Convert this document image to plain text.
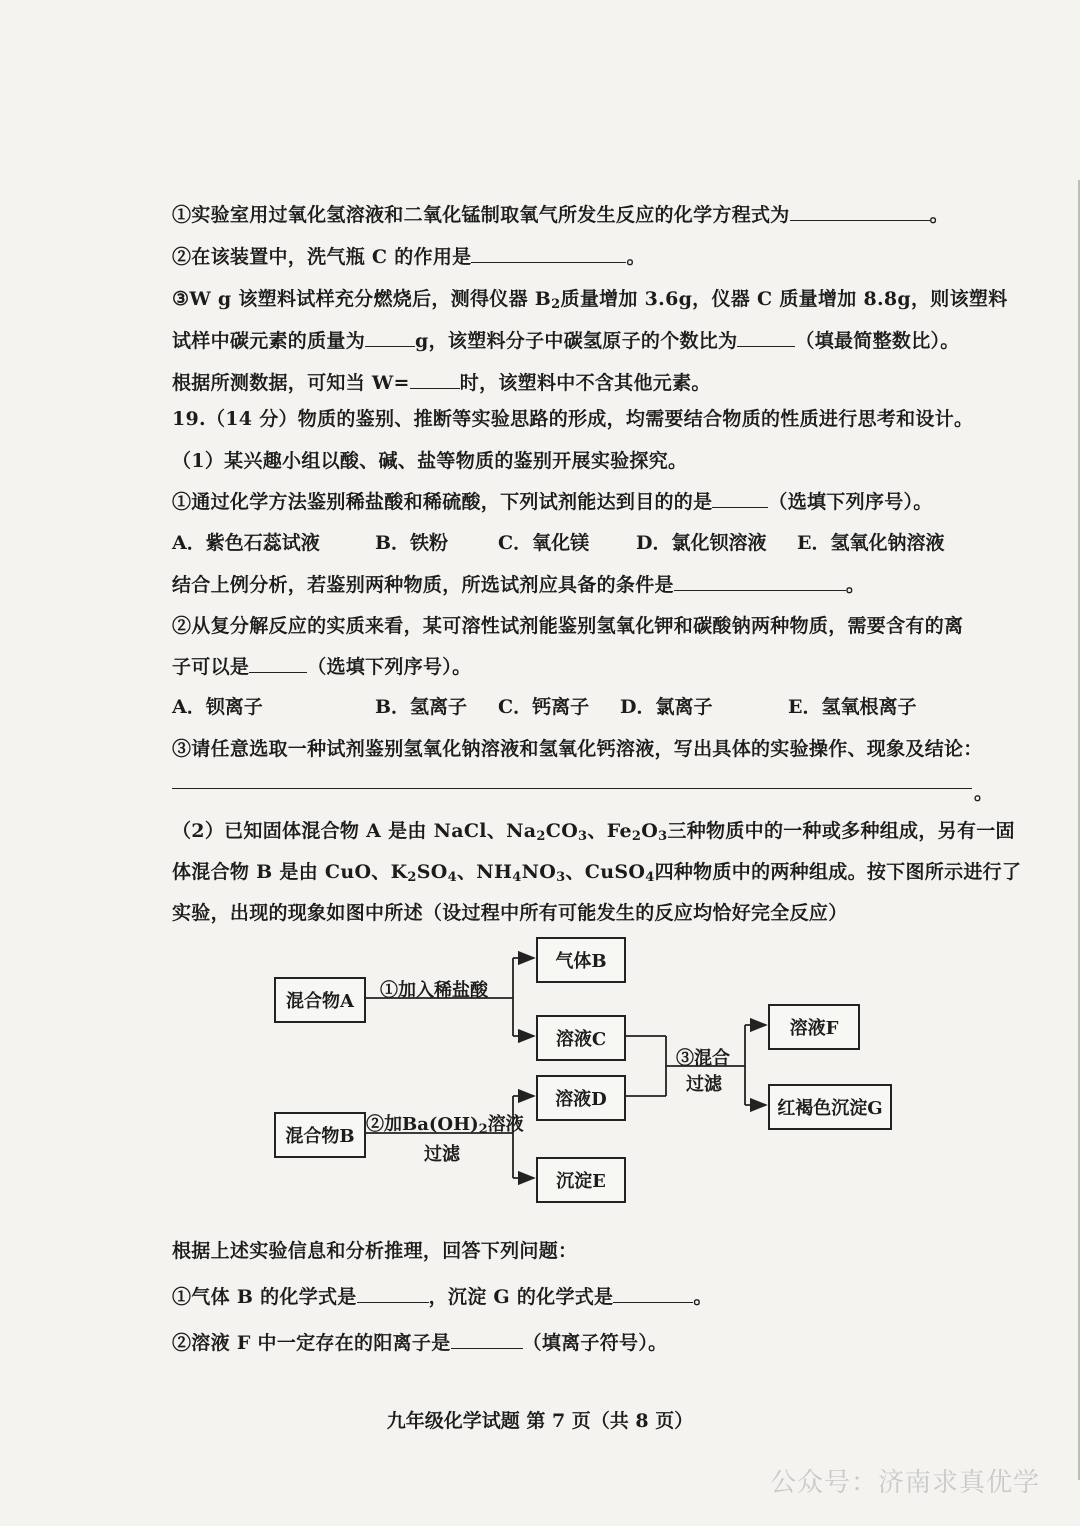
①实验室用过氧化氢溶液和二氧化锰制取氧气所发生反应的化学方程式为	。
②在该装置中，洗气瓶 C 的作用是	。
③W g 该塑料试样充分燃烧后，测得仪器 $B_2$质量增加 3.6g，仪器 C 质量增加 8.8g，则该塑料
试样中碳元素的质量为	g，该塑料分子中碳氢原子的个数比为	（填最简整数比）。
根据所测数据，可知当 W=	时，该塑料中不含其他元素。
19.（14 分）物质的鉴别、推断等实验思路的形成，均需要结合物质的性质进行思考和设计。
（1）某兴趣小组以酸、碱、盐等物质的鉴别开展实验探究。
①通过化学方法鉴别稀盐酸和稀硫酸，下列试剂能达到目的的是	（选填下列序号）。
A．紫色石蕊试液	B．铁粉	C．氧化镁 D．氯化钡溶液 E．氢氧化钠溶液
结合上例分析，若鉴别两种物质，所选试剂应具备的条件是	。
②从复分解反应的实质来看，某可溶性试剂能鉴别氢氧化钾和碳酸钠两种物质，需要含有的离
子可以是	（选填下列序号）。
A．钡离子	B．氢离子 C．钙离子 D．氯离子	E．氢氧根离子
③请任意选取一种试剂鉴别氢氧化钠溶液和氢氧化钙溶液，写出具体的实验操作、现象及结论：
。
（2）已知固体混合物 A 是由 NaCl、$Na_2CO_3$、$Fe_2O_3$三种物质中的一种或多种组成，另有一固
体混合物 B 是由 CuO、$K_2SO_4$、$NH_4NO_3$、CuSO$_4$四种物质中的两种组成。按下图所示进行了
实验，出现的现象如图中所述（设过程中所有可能发生的反应均恰好完全反应）
混合物A
混合物B
气体B
溶液C
溶液D
沉淀E
溶液F
红褐色沉淀G
①加入稀盐酸
②加$Ba(OH)_2$溶液
过滤
③混合
过滤
根据上述实验信息和分析推理，回答下列问题：
①气体 B 的化学式是	，沉淀 G 的化学式是	。
②溶液 F 中一定存在的阳离子是	（填离子符号）。
九年级化学试题 第 7 页（共 8 页）
公众号：济南求真优学
